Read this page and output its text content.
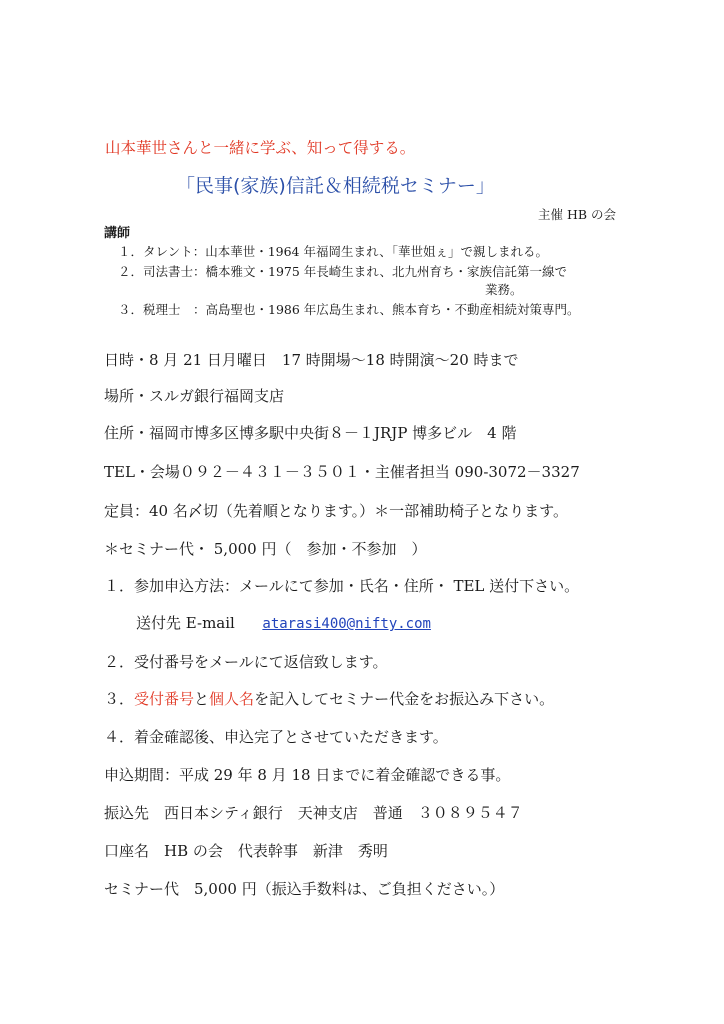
山本華世さんと一緒に学ぶ、知って得する。
「民事(家族)信託＆相続税セミナー」
主催 HB の会
講師
１．タレント：山本華世・1964 年福岡生まれ、「華世姐ぇ」で親しまれる。
２．司法書士：橋本雅文・1975 年長崎生まれ、北九州育ち・家族信託第一線で
業務。
３．税理士　：高島聖也・1986 年広島生まれ、熊本育ち・不動産相続対策専門。
日時・8 月 21 日月曜日　17 時開場～18 時開演～20 時まで
場所・スルガ銀行福岡支店
住所・福岡市博多区博多駅中央街８－１JRJP 博多ビル　4 階
TEL・会場０９２－４３１－３５０１・主催者担当 090-3072－3327
定員：40 名〆切（先着順となります。）＊一部補助椅子となります。
＊セミナー代・ 5,000 円（　参加・不参加　）
１．参加申込方法：メールにて参加・氏名・住所・ TEL 送付下さい。
送付先 E-mail atarasi400@nifty.com
２．受付番号をメールにて返信致します。
３．受付番号と個人名を記入してセミナー代金をお振込み下さい。
４．着金確認後、申込完了とさせていただきます。
申込期間：平成 29 年 8 月 18 日までに着金確認できる事。
振込先　西日本シティ銀行　天神支店　普通　３０８９５４７
口座名　HB の会　代表幹事　新津　秀明
セミナー代　5,000 円（振込手数料は、ご負担ください。）
